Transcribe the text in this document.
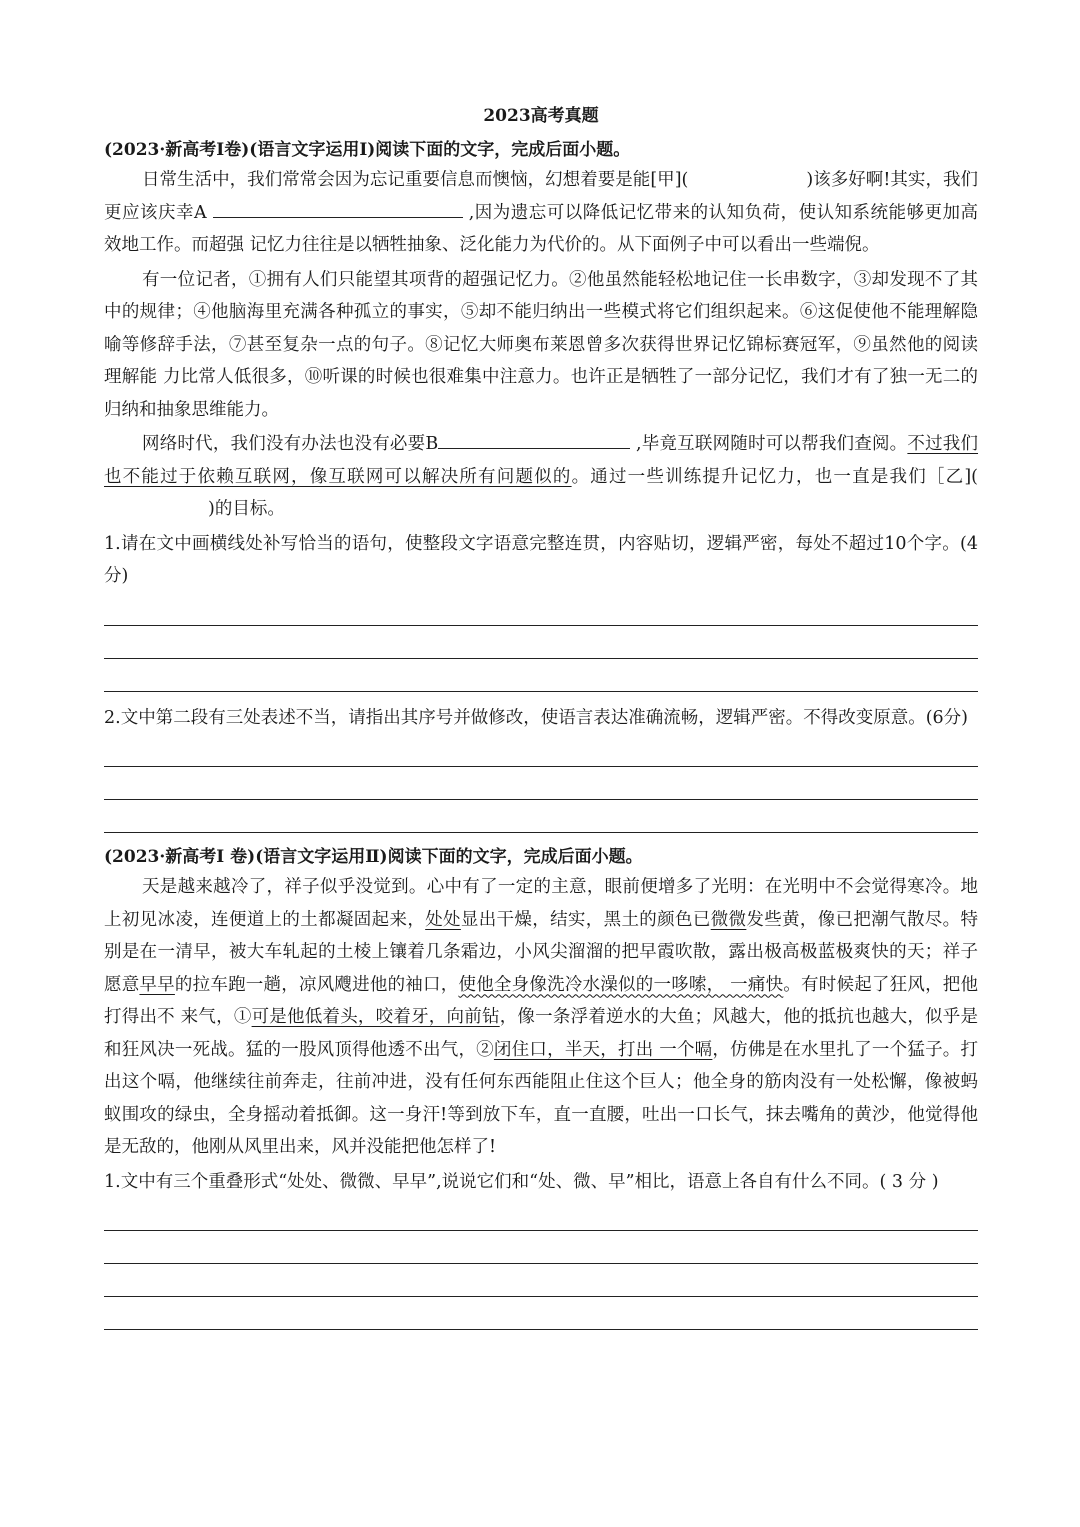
2023高考真题
(2023·新高考Ⅰ卷)(语言文字运用Ⅰ)阅读下面的文字，完成后面小题。

日常生活中，我们常常会因为忘记重要信息而懊恼，幻想着要是能[甲](	)该多好啊!其实，我们 更应该庆幸A	,因为遗忘可以降低记忆带来的认知负荷，使认知系统能够更加高效地工作。而超强 记忆力往往是以牺牲抽象、泛化能力为代价的。从下面例子中可以看出一些端倪。

有一位记者，①拥有人们只能望其项背的超强记忆力。②他虽然能轻松地记住一长串数字，③却发现不了其中的规律；④他脑海里充满各种孤立的事实，⑤却不能归纳出一些模式将它们组织起来。⑥这促使他不能理解隐喻等修辞手法，⑦甚至复杂一点的句子。⑧记忆大师奥布莱恩曾多次获得世界记忆锦标赛冠军，⑨虽然他的阅读理解能 力比常人低很多，⑩听课的时候也很难集中注意力。也许正是牺牲了一部分记忆，我们才有了独一无二的归纳和抽象思维能力。

网络时代，我们没有办法也没有必要B	,毕竟互联网随时可以帮我们查阅。不过我们也不能过于依赖互联网，像互联网可以解决所有问题似的。通过一些训练提升记忆力，也一直是我们［乙]()的目标。

1.请在文中画横线处补写恰当的语句，使整段文字语意完整连贯，内容贴切，逻辑严密，每处不超过10个字。(4分)

2.文中第二段有三处表述不当，请指出其序号并做修改，使语言表达准确流畅，逻辑严密。不得改变原意。(6分)

(2023·新高考Ⅰ 卷)(语言文字运用Ⅱ)阅读下面的文字，完成后面小题。

天是越来越冷了，祥子似乎没觉到。心中有了一定的主意，眼前便增多了光明：在光明中不会觉得寒冷。地上初见冰凌，连便道上的土都凝固起来，处处显出干燥，结实，黑土的颜色已微微发些黄，像已把潮气散尽。特别是在一清早，被大车轧起的土棱上镶着几条霜边，小风尖溜溜的把早霞吹散，露出极高极蓝极爽快的天；祥子愿意早早的拉车跑一趟，凉风飕进他的袖口，使他全身像洗冷水澡似的一哆嗦， 一痛快。有时候起了狂风，把他打得出不 来气，①可是他低着头，咬着牙，向前钻，像一条浮着逆水的大鱼；风越大，他的抵抗也越大，似乎是和狂风决一死战。猛的一股风顶得他透不出气，②闭住口，半天，打出 一个嗝，仿佛是在水里扎了一个猛子。打出这个嗝，他继续往前奔走，往前冲进，没有任何东西能阻止住这个巨人；他全身的筋肉没有一处松懈，像被蚂蚁围攻的绿虫，全身摇动着抵御。这一身汗!等到放下车，直一直腰，吐出一口长气，抹去嘴角的黄沙，他觉得他是无敌的，他刚从风里出来，风并没能把他怎样了!

1.文中有三个重叠形式“处处、微微、早早”,说说它们和“处、微、早”相比，语意上各自有什么不同。( 3 分 )
